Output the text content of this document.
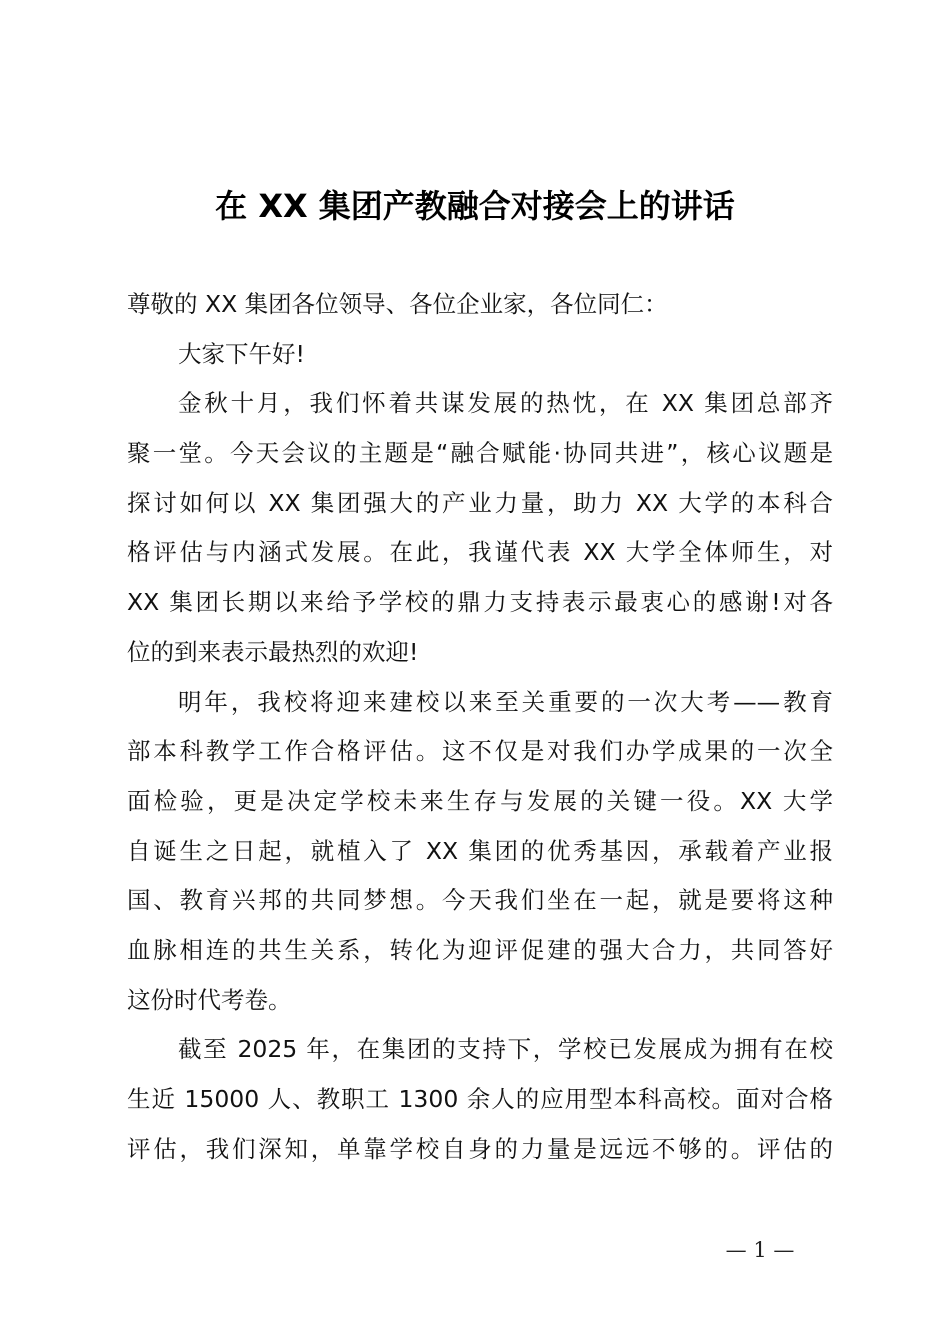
在 XX 集团产教融合对接会上的讲话
尊敬的 XX 集团各位领导、各位企业家，各位同仁：
大家下午好!
金秋十月，我们怀着共谋发展的热忱，在 XX 集团总部齐
聚一堂。今天会议的主题是“融合赋能·协同共进”，核心议题是
探讨如何以 XX 集团强大的产业力量，助力 XX 大学的本科合
格评估与内涵式发展。在此，我谨代表 XX 大学全体师生，对
XX 集团长期以来给予学校的鼎力支持表示最衷心的感谢!对各
位的到来表示最热烈的欢迎!
明年，我校将迎来建校以来至关重要的一次大考——教育
部本科教学工作合格评估。这不仅是对我们办学成果的一次全
面检验，更是决定学校未来生存与发展的关键一役。XX 大学
自诞生之日起，就植入了 XX 集团的优秀基因，承载着产业报
国、教育兴邦的共同梦想。今天我们坐在一起，就是要将这种
血脉相连的共生关系，转化为迎评促建的强大合力，共同答好
这份时代考卷。
截至 2025 年，在集团的支持下，学校已发展成为拥有在校
生近 15000 人、教职工 1300 余人的应用型本科高校。面对合格
评估，我们深知，单靠学校自身的力量是远远不够的。评估的
— 1 —
